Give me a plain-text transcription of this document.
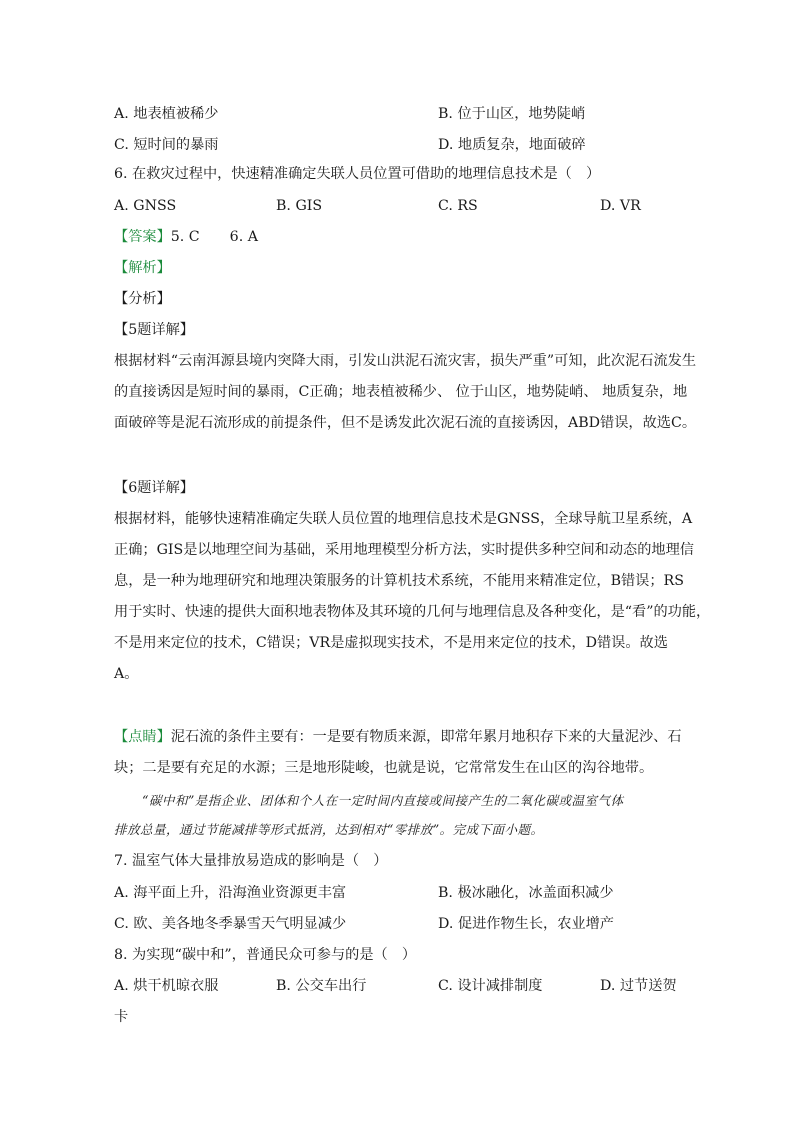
A. 地表植被稀少	B. 位于山区，地势陡峭
C. 短时间的暴雨	D. 地质复杂，地面破碎
6. 在救灾过程中，快速精准确定失联人员位置可借助的地理信息技术是（　）
A. GNSS	B. GIS	C. RS	D. VR
【答案】5. C 6. A
【解析】
【分析】
【5题详解】
根据材料“云南洱源县境内突降大雨，引发山洪泥石流灾害，损失严重”可知，此次泥石流发生
的直接诱因是短时间的暴雨，C正确；地表植被稀少、 位于山区，地势陡峭、 地质复杂，地
面破碎等是泥石流形成的前提条件，但不是诱发此次泥石流的直接诱因，ABD错误，故选C。
【6题详解】
根据材料，能够快速精准确定失联人员位置的地理信息技术是GNSS，全球导航卫星系统，A
正确；GIS是以地理空间为基础，采用地理模型分析方法，实时提供多种空间和动态的地理信
息，是一种为地理研究和地理决策服务的计算机技术系统，不能用来精准定位，B错误；RS
用于实时、快速的提供大面积地表物体及其环境的几何与地理信息及各种变化，是“看”的功能，
不是用来定位的技术，C错误；VR是虚拟现实技术，不是用来定位的技术，D错误。故选
A。
【点睛】泥石流的条件主要有：一是要有物质来源，即常年累月地积存下来的大量泥沙、石
块；二是要有充足的水源；三是地形陡峻，也就是说，它常常发生在山区的沟谷地带。
“碳中和”是指企业、团体和个人在一定时间内直接或间接产生的二氧化碳或温室气体
排放总量，通过节能减排等形式抵消，达到相对“零排放”。完成下面小题。
7. 温室气体大量排放易造成的影响是（　）
A. 海平面上升，沿海渔业资源更丰富	B. 极冰融化，冰盖面积减少
C. 欧、美各地冬季暴雪天气明显减少	D. 促进作物生长，农业增产
8. 为实现“碳中和”，普通民众可参与的是（　）
A. 烘干机晾衣服	B. 公交车出行	C. 设计减排制度	D. 过节送贺
卡
